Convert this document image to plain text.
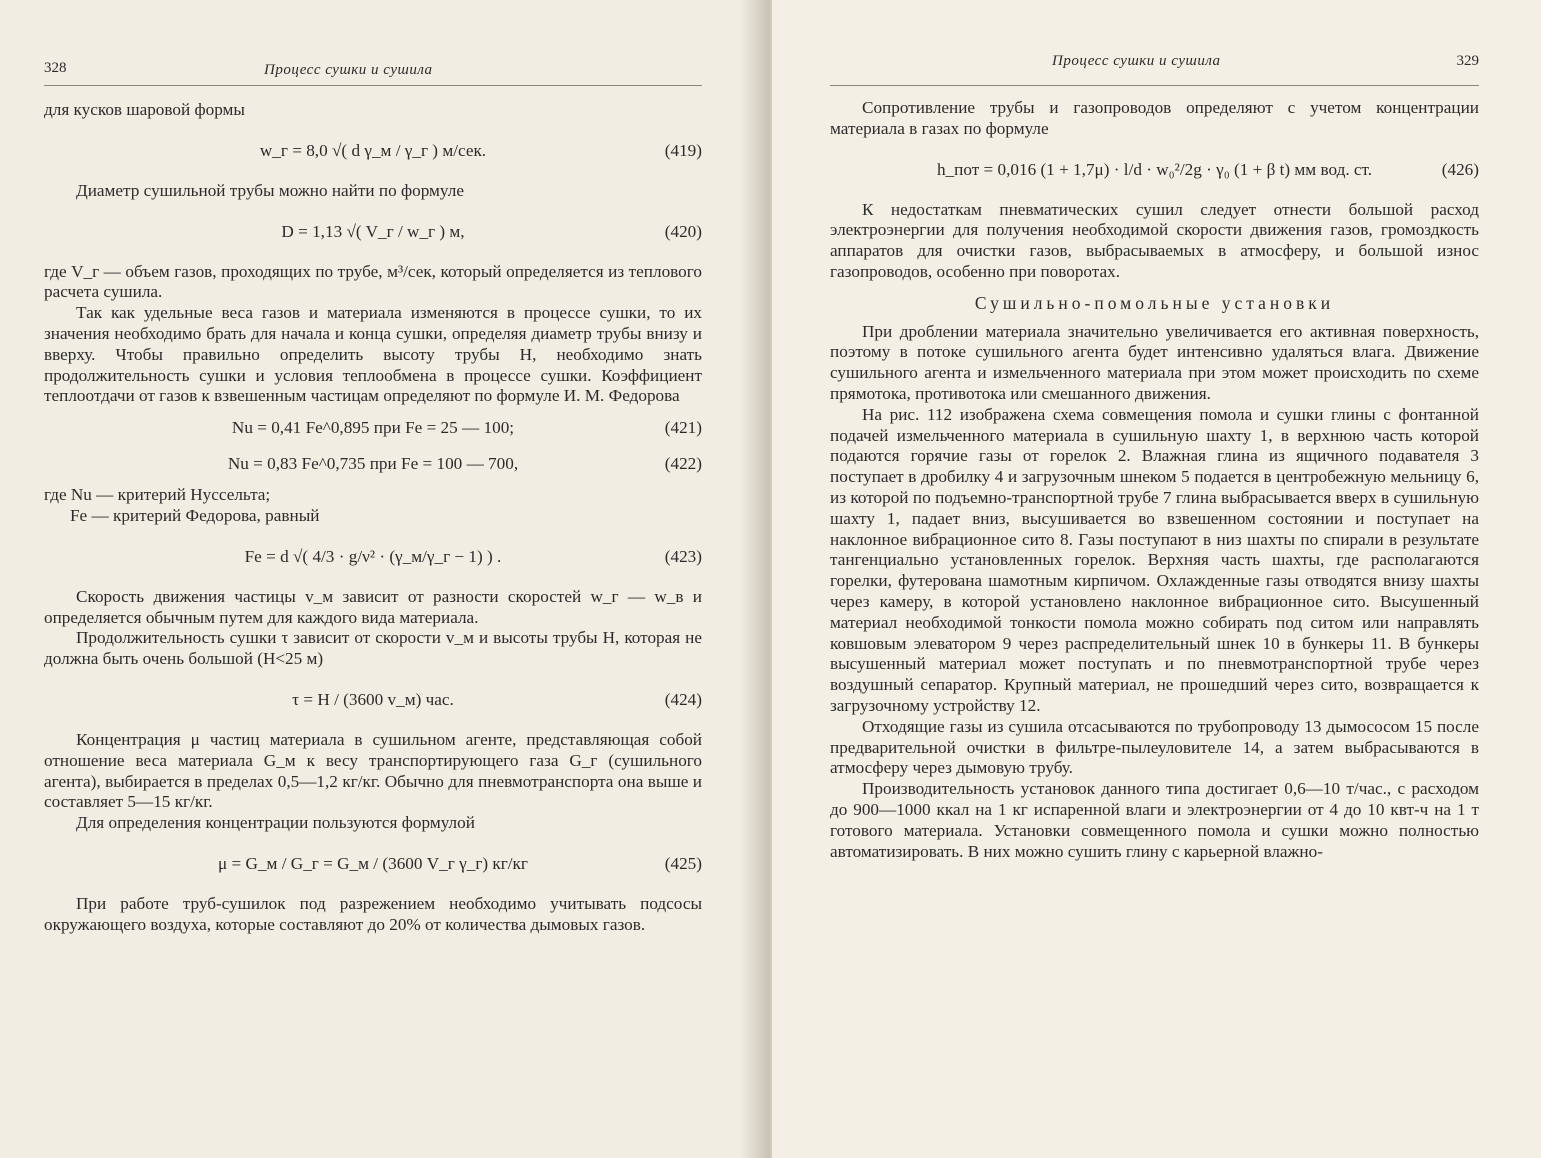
328	Процесс сушки и сушила

для кусков шаровой формы

w_г = 8,0 √( d γ_м / γ_г ) м/сек.	(419)

Диаметр сушильной трубы можно найти по формуле

D = 1,13 √( V_г / w_г ) м,	(420)

где V_г — объем газов, проходящих по трубе, м³/сек, который определяется из теплового расчета сушила.

Так как удельные веса газов и материала изменяются в процессе сушки, то их значения необходимо брать для начала и конца сушки, определяя диаметр трубы внизу и вверху. Чтобы правильно определить высоту трубы H, необходимо знать продолжительность сушки и условия теплообмена в процессе сушки. Коэффициент теплоотдачи от газов к взвешенным частицам определяют по формуле И. М. Федорова

Nu = 0,41 Fe^0,895 при Fe = 25 — 100;	(421)
Nu = 0,83 Fe^0,735 при Fe = 100 — 700,	(422)

где Nu — критерий Нуссельта;

Fe — критерий Федорова, равный

Fe = d √( 4/3 · g/ν² · (γ_м/γ_г − 1) ) .	(423)

Скорость движения частицы v_м зависит от разности скоростей w_г — w_в и определяется обычным путем для каждого вида материала.

Продолжительность сушки τ зависит от скорости v_м и высоты трубы H, которая не должна быть очень большой (H<25 м)

τ = H / (3600 v_м) час.	(424)

Концентрация μ частиц материала в сушильном агенте, представляющая собой отношение веса материала G_м к весу транспортирующего газа G_г (сушильного агента), выбирается в пределах 0,5—1,2 кг/кг. Обычно для пневмотранспорта она выше и составляет 5—15 кг/кг.

Для определения концентрации пользуются формулой

μ = G_м / G_г = G_м / (3600 V_г γ_г) кг/кг	(425)

При работе труб-сушилок под разрежением необходимо учитывать подсосы окружающего воздуха, которые составляют до 20% от количества дымовых газов.

Процесс сушки и сушила	329

Сопротивление трубы и газопроводов определяют с учетом концентрации материала в газах по формуле

h_пот = 0,016 (1 + 1,7μ) · l/d · w₀²/2g · γ₀ (1 + β t) мм вод. ст.	(426)

К недостаткам пневматических сушил следует отнести большой расход электроэнергии для получения необходимой скорости движения газов, громоздкость аппаратов для очистки газов, выбрасываемых в атмосферу, и большой износ газопроводов, особенно при поворотах.

Сушильно-помольные установки

При дроблении материала значительно увеличивается его активная поверхность, поэтому в потоке сушильного агента будет интенсивно удаляться влага. Движение сушильного агента и измельченного материала при этом может происходить по схеме прямотока, противотока или смешанного движения.

На рис. 112 изображена схема совмещения помола и сушки глины с фонтанной подачей измельченного материала в сушильную шахту 1, в верхнюю часть которой подаются горячие газы от горелок 2. Влажная глина из ящичного подавателя 3 поступает в дробилку 4 и загрузочным шнеком 5 подается в центробежную мельницу 6, из которой по подъемно-транспортной трубе 7 глина выбрасывается вверх в сушильную шахту 1, падает вниз, высушивается во взвешенном состоянии и поступает на наклонное вибрационное сито 8. Газы поступают в низ шахты по спирали в результате тангенциально установленных горелок. Верхняя часть шахты, где располагаются горелки, футерована шамотным кирпичом. Охлажденные газы отводятся внизу шахты через камеру, в которой установлено наклонное вибрационное сито. Высушенный материал необходимой тонкости помола можно собирать под ситом или направлять ковшовым элеватором 9 через распределительный шнек 10 в бункеры 11. В бункеры высушенный материал может поступать и по пневмотранспортной трубе через воздушный сепаратор. Крупный материал, не прошедший через сито, возвращается к загрузочному устройству 12.

Отходящие газы из сушила отсасываются по трубопроводу 13 дымососом 15 после предварительной очистки в фильтре-пылеуловителе 14, а затем выбрасываются в атмосферу через дымовую трубу.

Производительность установок данного типа достигает 0,6—10 т/час., с расходом до 900—1000 ккал на 1 кг испаренной влаги и электроэнергии от 4 до 10 квт-ч на 1 т готового материала. Установки совмещенного помола и сушки можно полностью автоматизировать. В них можно сушить глину с карьерной влажно-
